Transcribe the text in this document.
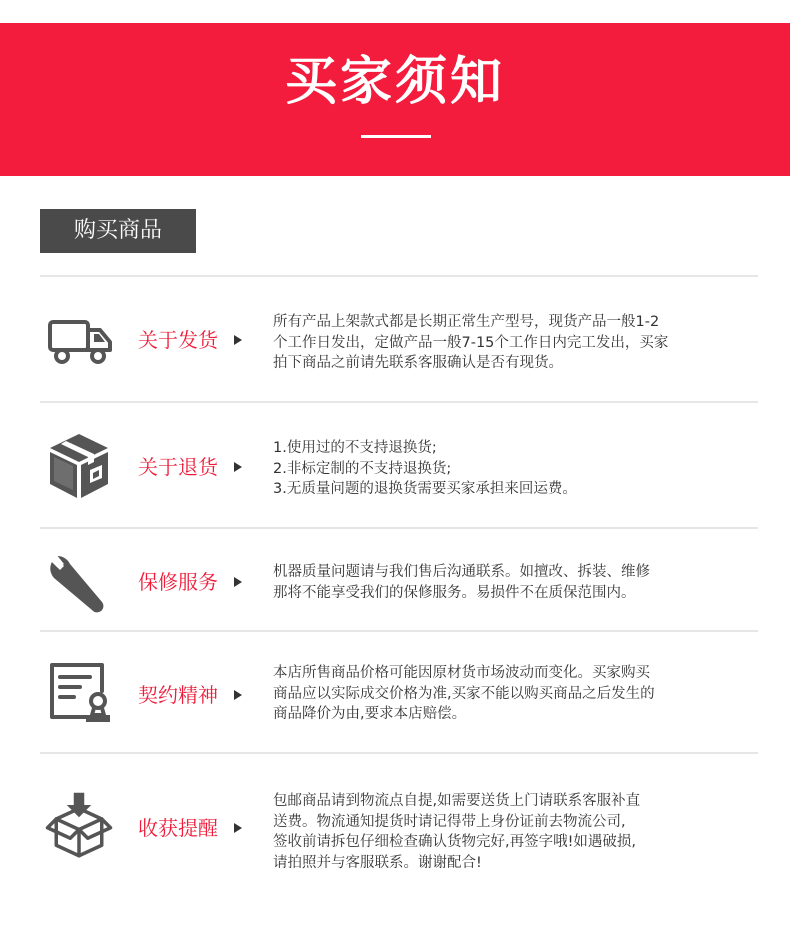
买家须知
购买商品
关于发货
所有产品上架款式都是长期正常生产型号，现货产品一般1-2
个工作日发出，定做产品一般7-15个工作日内完工发出，买家
拍下商品之前请先联系客服确认是否有现货。
关于退货
1.使用过的不支持退换货;
2.非标定制的不支持退换货;
3.无质量问题的退换货需要买家承担来回运费。
保修服务	机器质量问题请与我们售后沟通联系。如擅改、拆装、维修
那将不能享受我们的保修服务。易损件不在质保范围内。
契约精神
本店所售商品价格可能因原材货市场波动而变化。买家购买
商品应以实际成交价格为准,买家不能以购买商品之后发生的
商品降价为由,要求本店赔偿。
收获提醒
包邮商品请到物流点自提,如需要送货上门请联系客服补直
送费。物流通知提货时请记得带上身份证前去物流公司,
签收前请拆包仔细检查确认货物完好,再签字哦!如遇破损,
请拍照并与客服联系。谢谢配合!
